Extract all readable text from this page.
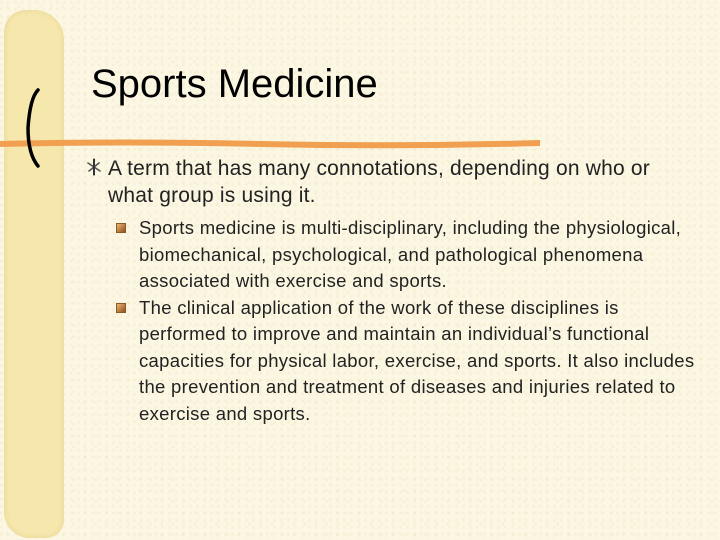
Sports Medicine
A term that has many connotations, depending on who or what group is using it.
Sports medicine is multi-disciplinary, including the physiological, biomechanical, psychological, and pathological phenomena associated with exercise and sports.
The clinical application of the work of these disciplines is performed to improve and maintain an individual’s functional capacities for physical labor, exercise, and sports. It also includes the prevention and treatment of diseases and injuries related to exercise and sports.
